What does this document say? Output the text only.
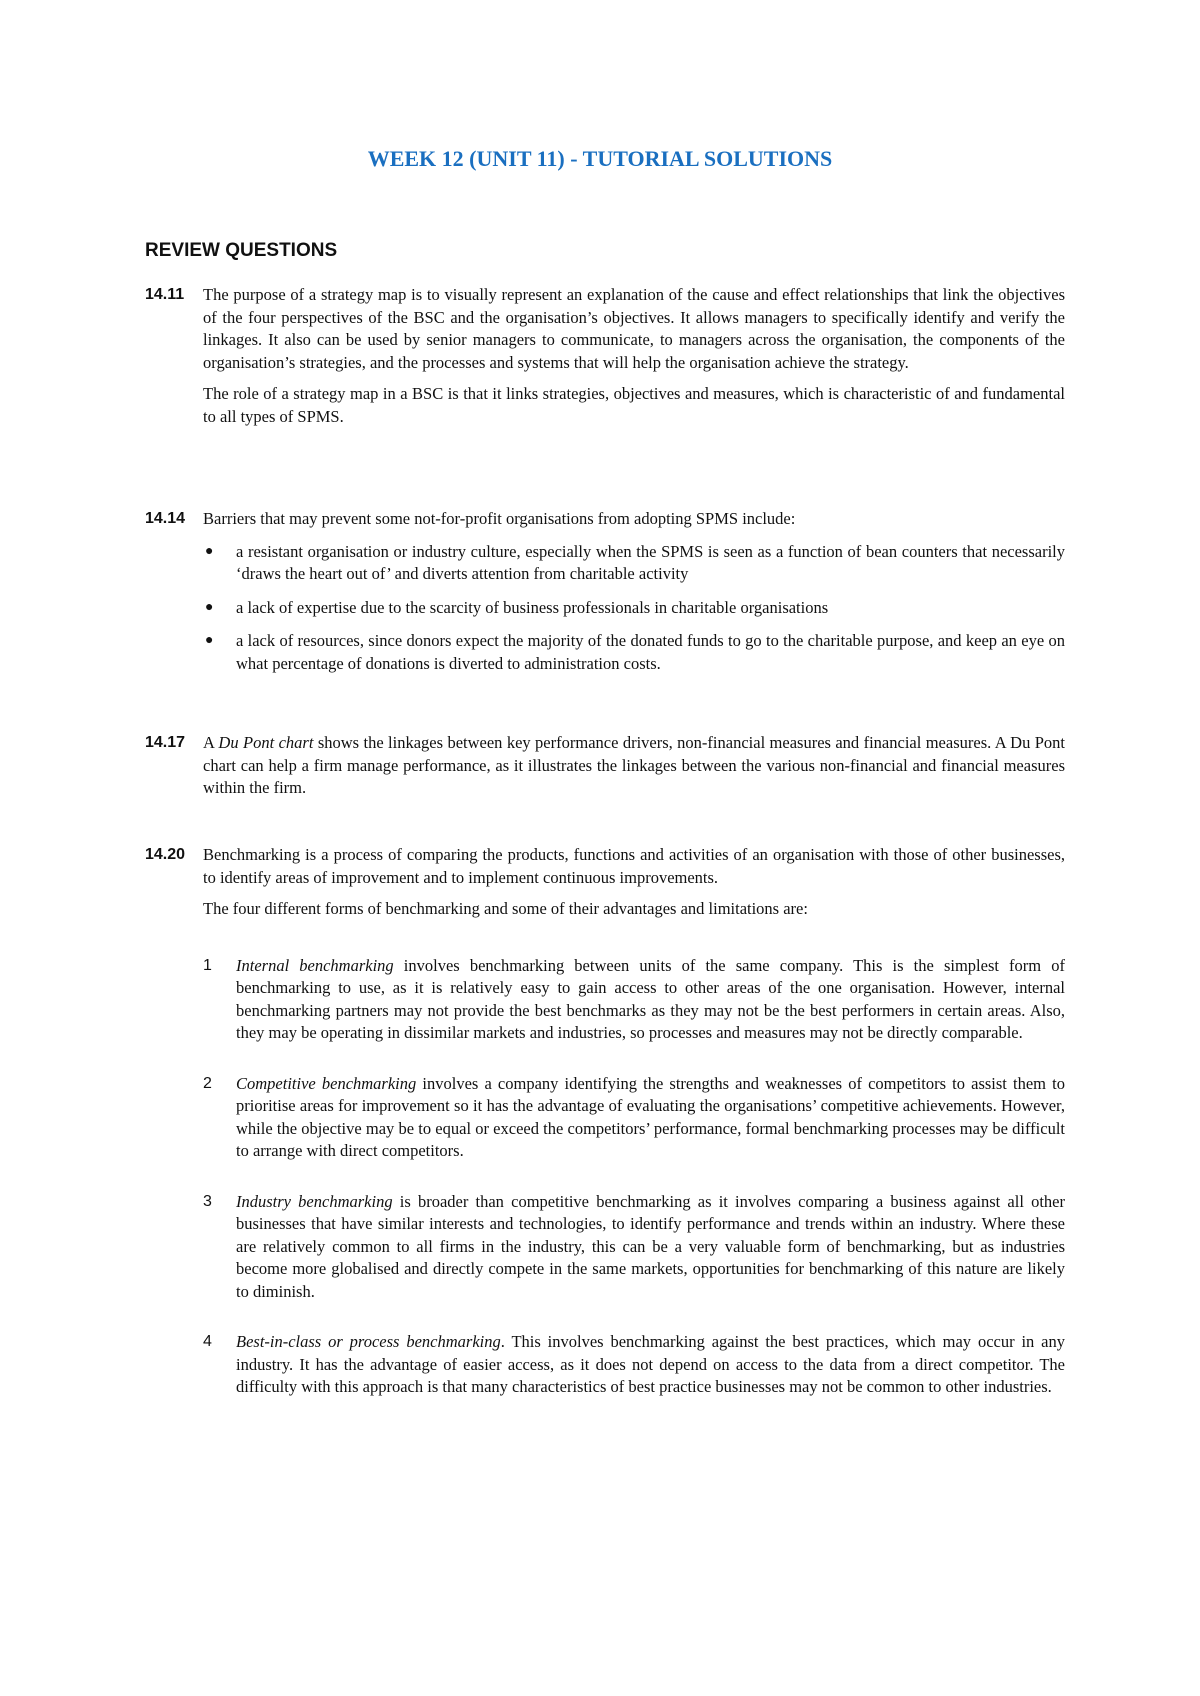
WEEK 12 (UNIT 11) - TUTORIAL SOLUTIONS
REVIEW QUESTIONS
14.11 The purpose of a strategy map is to visually represent an explanation of the cause and effect relationships that link the objectives of the four perspectives of the BSC and the organisation’s objectives. It allows managers to specifically identify and verify the linkages. It also can be used by senior managers to communicate, to managers across the organisation, the components of the organisation’s strategies, and the processes and systems that will help the organisation achieve the strategy.

The role of a strategy map in a BSC is that it links strategies, objectives and measures, which is characteristic of and fundamental to all types of SPMS.

14.14 Barriers that may prevent some not-for-profit organisations from adopting SPMS include:

● a resistant organisation or industry culture, especially when the SPMS is seen as a function of bean counters that necessarily ‘draws the heart out of’ and diverts attention from charitable activity
● a lack of expertise due to the scarcity of business professionals in charitable organisations
● a lack of resources, since donors expect the majority of the donated funds to go to the charitable purpose, and keep an eye on what percentage of donations is diverted to administration costs.
14.17 A Du Pont chart shows the linkages between key performance drivers, non-financial measures and financial measures. A Du Pont chart can help a firm manage performance, as it illustrates the linkages between the various non-financial and financial measures within the firm.

14.20 Benchmarking is a process of comparing the products, functions and activities of an organisation with those of other businesses, to identify areas of improvement and to implement continuous improvements.

The four different forms of benchmarking and some of their advantages and limitations are:

1 Internal benchmarking involves benchmarking between units of the same company. This is the simplest form of benchmarking to use, as it is relatively easy to gain access to other areas of the one organisation. However, internal benchmarking partners may not provide the best benchmarks as they may not be the best performers in certain areas. Also, they may be operating in dissimilar markets and industries, so processes and measures may not be directly comparable.
2 Competitive benchmarking involves a company identifying the strengths and weaknesses of competitors to assist them to prioritise areas for improvement so it has the advantage of evaluating the organisations’ competitive achievements. However, while the objective may be to equal or exceed the competitors’ performance, formal benchmarking processes may be difficult to arrange with direct competitors.
3 Industry benchmarking is broader than competitive benchmarking as it involves comparing a business against all other businesses that have similar interests and technologies, to identify performance and trends within an industry. Where these are relatively common to all firms in the industry, this can be a very valuable form of benchmarking, but as industries become more globalised and directly compete in the same markets, opportunities for benchmarking of this nature are likely to diminish.
4 Best-in-class or process benchmarking. This involves benchmarking against the best practices, which may occur in any industry. It has the advantage of easier access, as it does not depend on access to the data from a direct competitor. The difficulty with this approach is that many characteristics of best practice businesses may not be common to other industries.
